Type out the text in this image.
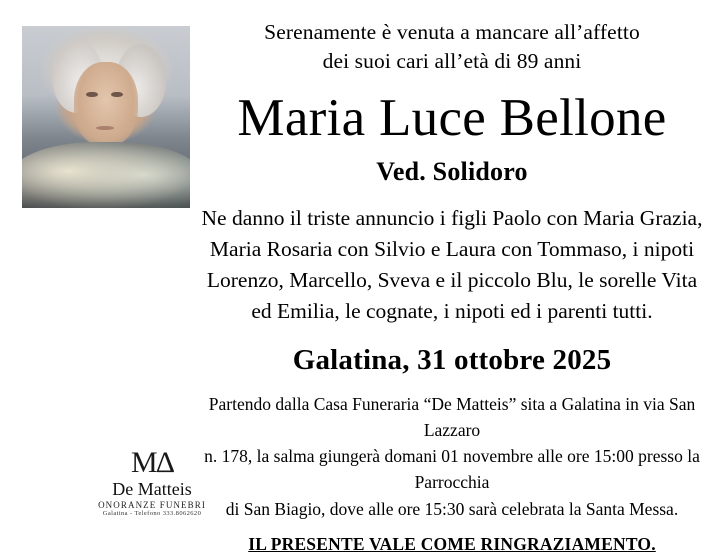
Serenamente è venuta a mancare all’affetto
dei suoi cari all’età di 89 anni
Maria Luce Bellone
Ved. Solidoro
Ne danno il triste annuncio i figli Paolo con Maria Grazia,
Maria Rosaria con Silvio e Laura con Tommaso, i nipoti
Lorenzo, Marcello, Sveva e il piccolo Blu, le sorelle Vita
ed Emilia, le cognate, i nipoti ed i parenti tutti.
Galatina, 31 ottobre 2025
Partendo dalla Casa Funeraria “De Matteis” sita a Galatina in via San Lazzaro
n. 178, la salma giungerà domani 01 novembre alle ore 15:00 presso la Parrocchia
di San Biagio, dove alle ore 15:30 sarà celebrata la Santa Messa.
IL PRESENTE VALE COME RINGRAZIAMENTO.
MΔ
De Matteis
ONORANZE FUNEBRI
Galatina - Telefono 333.8062620
